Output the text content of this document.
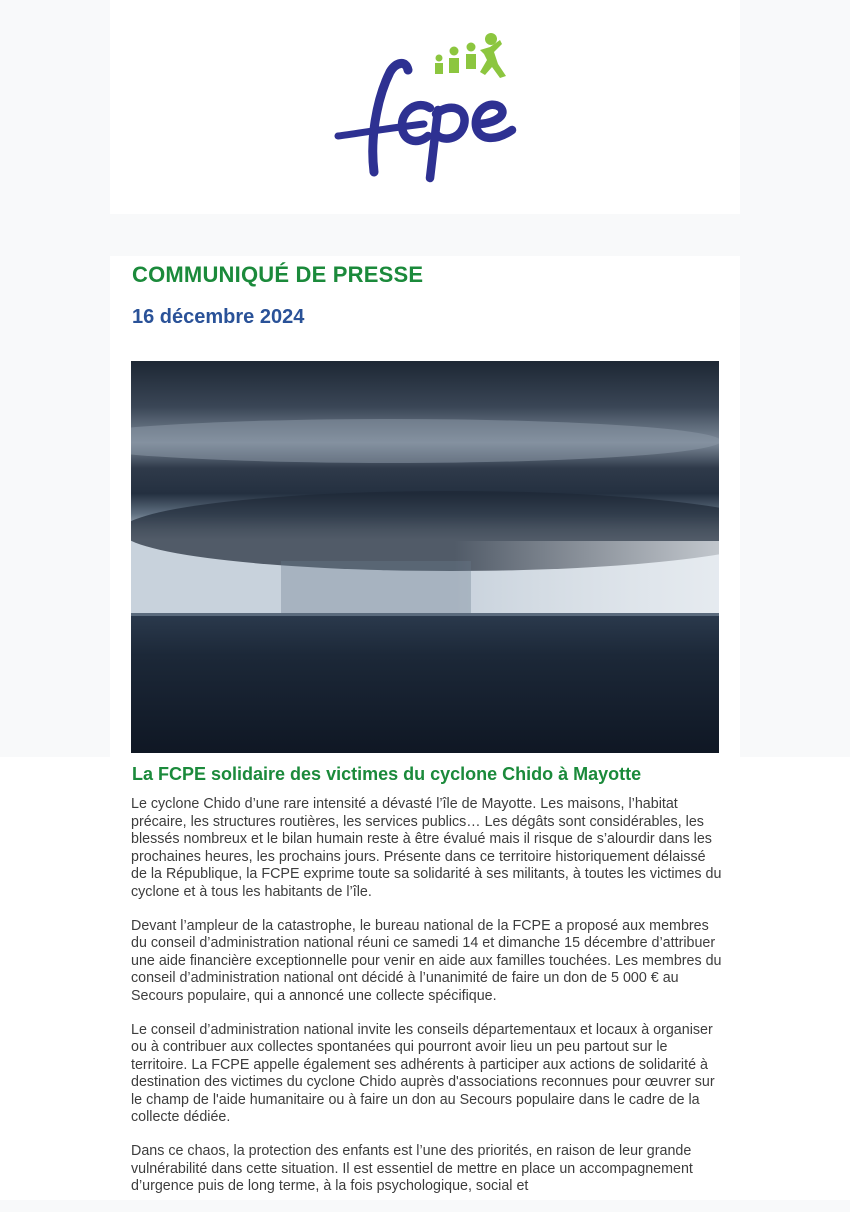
COMMUNIQUÉ DE PRESSE
16 décembre 2024
La FCPE solidaire des victimes du cyclone Chido à Mayotte

Le cyclone Chido d’une rare intensité a dévasté l’île de Mayotte. Les maisons, l’habitat précaire, les structures routières, les services publics… Les dégâts sont considérables, les blessés nombreux et le bilan humain reste à être évalué mais il risque de s’alourdir dans les prochaines heures, les prochains jours. Présente dans ce territoire historiquement délaissé de la République, la FCPE exprime toute sa solidarité à ses militants, à toutes les victimes du cyclone et à tous les habitants de l’île.

Devant l’ampleur de la catastrophe, le bureau national de la FCPE a proposé aux membres du conseil d’administration national réuni ce samedi 14 et dimanche 15 décembre d’attribuer une aide financière exceptionnelle pour venir en aide aux familles touchées. Les membres du conseil d’administration national ont décidé à l’unanimité de faire un don de 5 000 € au Secours populaire, qui a annoncé une collecte spécifique.

Le conseil d’administration national invite les conseils départementaux et locaux à organiser ou à contribuer aux collectes spontanées qui pourront avoir lieu un peu partout sur le territoire. La FCPE appelle également ses adhérents à participer aux actions de solidarité à destination des victimes du cyclone Chido auprès d'associations reconnues pour œuvrer sur le champ de l'aide humanitaire ou à faire un don au Secours populaire dans le cadre de la collecte dédiée.

Dans ce chaos, la protection des enfants est l’une des priorités, en raison de leur grande vulnérabilité dans cette situation. Il est essentiel de mettre en place un accompagnement d’urgence puis de long terme, à la fois psychologique, social et
